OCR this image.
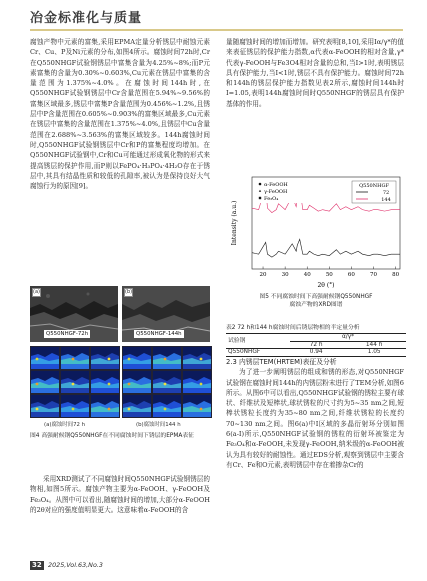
冶金标准化与质量

腐蚀产物中元素的富集,采用EPMA定量分析锈层中耐蚀元素Cr、Cu、P及Ni元素的分布,如图4所示。腐蚀时间72h时,Cr在Q550NHGF试验钢锈层中富集含量为4.25%~8%;而P元素富集的含量为0.30%~0.603%,Cu元素在锈层中富集的含量范围为1.375%~4.0%。在腐蚀时间144h时,在Q550NHGF试验钢锈层中Cr含量范围在5.94%~9.56%的富集区域最多,锈层中富集P含量范围为0.456%~1.2%,且锈层中P含量范围在0.605%~0.903%的富集区域最多,Cu元素在锈层中富集的含量范围在1.375%~4.0%,且锈层中Cu含量范围在2.688%~3.563%的富集区域较多。144h腐蚀时间时,Q550NHGF试验钢锈层中Cr和P的富集程度均增加。在Q550NHGF试验钢中,Cr和Cu可能通过形成氧化物的形式来提高锈层的保护作用,而P则以FePO₄·H₃PO₄·4H₂O存在于锈层中,其具有结晶性质和较低的孔隙率,被认为是保持良好大气腐蚀行为的原因[9]。

Q550NHGF-72h
(a)
Q550NHGF-144h
(b)
(a)腐蚀时间72 h	(b)腐蚀时间144 h
图4 高强耐候钢Q550NHGF在不同腐蚀时间下锈层的EPMA表征

采用XRD测试了不同腐蚀时间Q550NHGF试验钢锈层的物相,如图5所示。腐蚀产物主要为α-FeOOH、γ-FeOOH及Fe₃O₄。从图中可以看出,随腐蚀时间的增加,大部分α-FeOOH的2θ对应的强度值明显更大。这意味着α-FeOOH的含

量随腐蚀时间的增加而增加。研究表明[8,10],采用Iα/γ*的值来表征锈层的保护能力指数,α代表α-FeOOH的相对含量,γ*代表γ-FeOOH与Fe3O4相对含量的总和,当I>1时,表明锈层具有保护能力,当I<1时,锈层不具有保护能力。腐蚀时间72h和144h的锈层保护能力指数见表2所示,腐蚀时间144h时I=1.05,表明144h腐蚀时间时Q550NHGF的锈层具有保护基体的作用。

20	30	40	50	60	70	80
2θ (°)
Intensity (a.u.)
α-FeOOH
γ-FeOOH
Fe₃O₄
Q550NHGF
72
144
图5 不同腐蚀时间下高强耐候钢Q550NHGF
腐蚀产物的XRD图谱
表2 72 h和144 h腐蚀时间后锈层物相的半定量分析
试验钢	α/γ*	
	72 h	144 h
Q550NHGF	0.94	1.05
2.3 内锈层TEM(HRTEM)表征及分析

为了进一步阐明锈层的组成和锈的形态,对Q550NHGF试验钢在腐蚀时间144h的内锈层粉末进行了TEM分析,如图6所示。从图6中可以看出,Q550NHGF试验钢的锈粒主要有球状、纤维状及短棒状,球状锈粒的尺寸约为5~35 nm之间,短棒状锈粒长度约为35~80 nm之间,纤维状锈粒的长度约70~130 nm之间。图6(a)中I区域的多晶衍射环分别如图6(a-I)所示,Q550NHGF试验钢的锈粒的衍射环被鉴定为Fe₃O₄和α-FeOOH,未发现γ-FeOOH,纳米级的α-FeOOH被认为具有较好的耐蚀性。通过EDS分析,观察到锈层中主要含有Cr、Fe和O元素,表明锈层中存在着掺杂Cr的

32 2025,Vol.63,No.3
